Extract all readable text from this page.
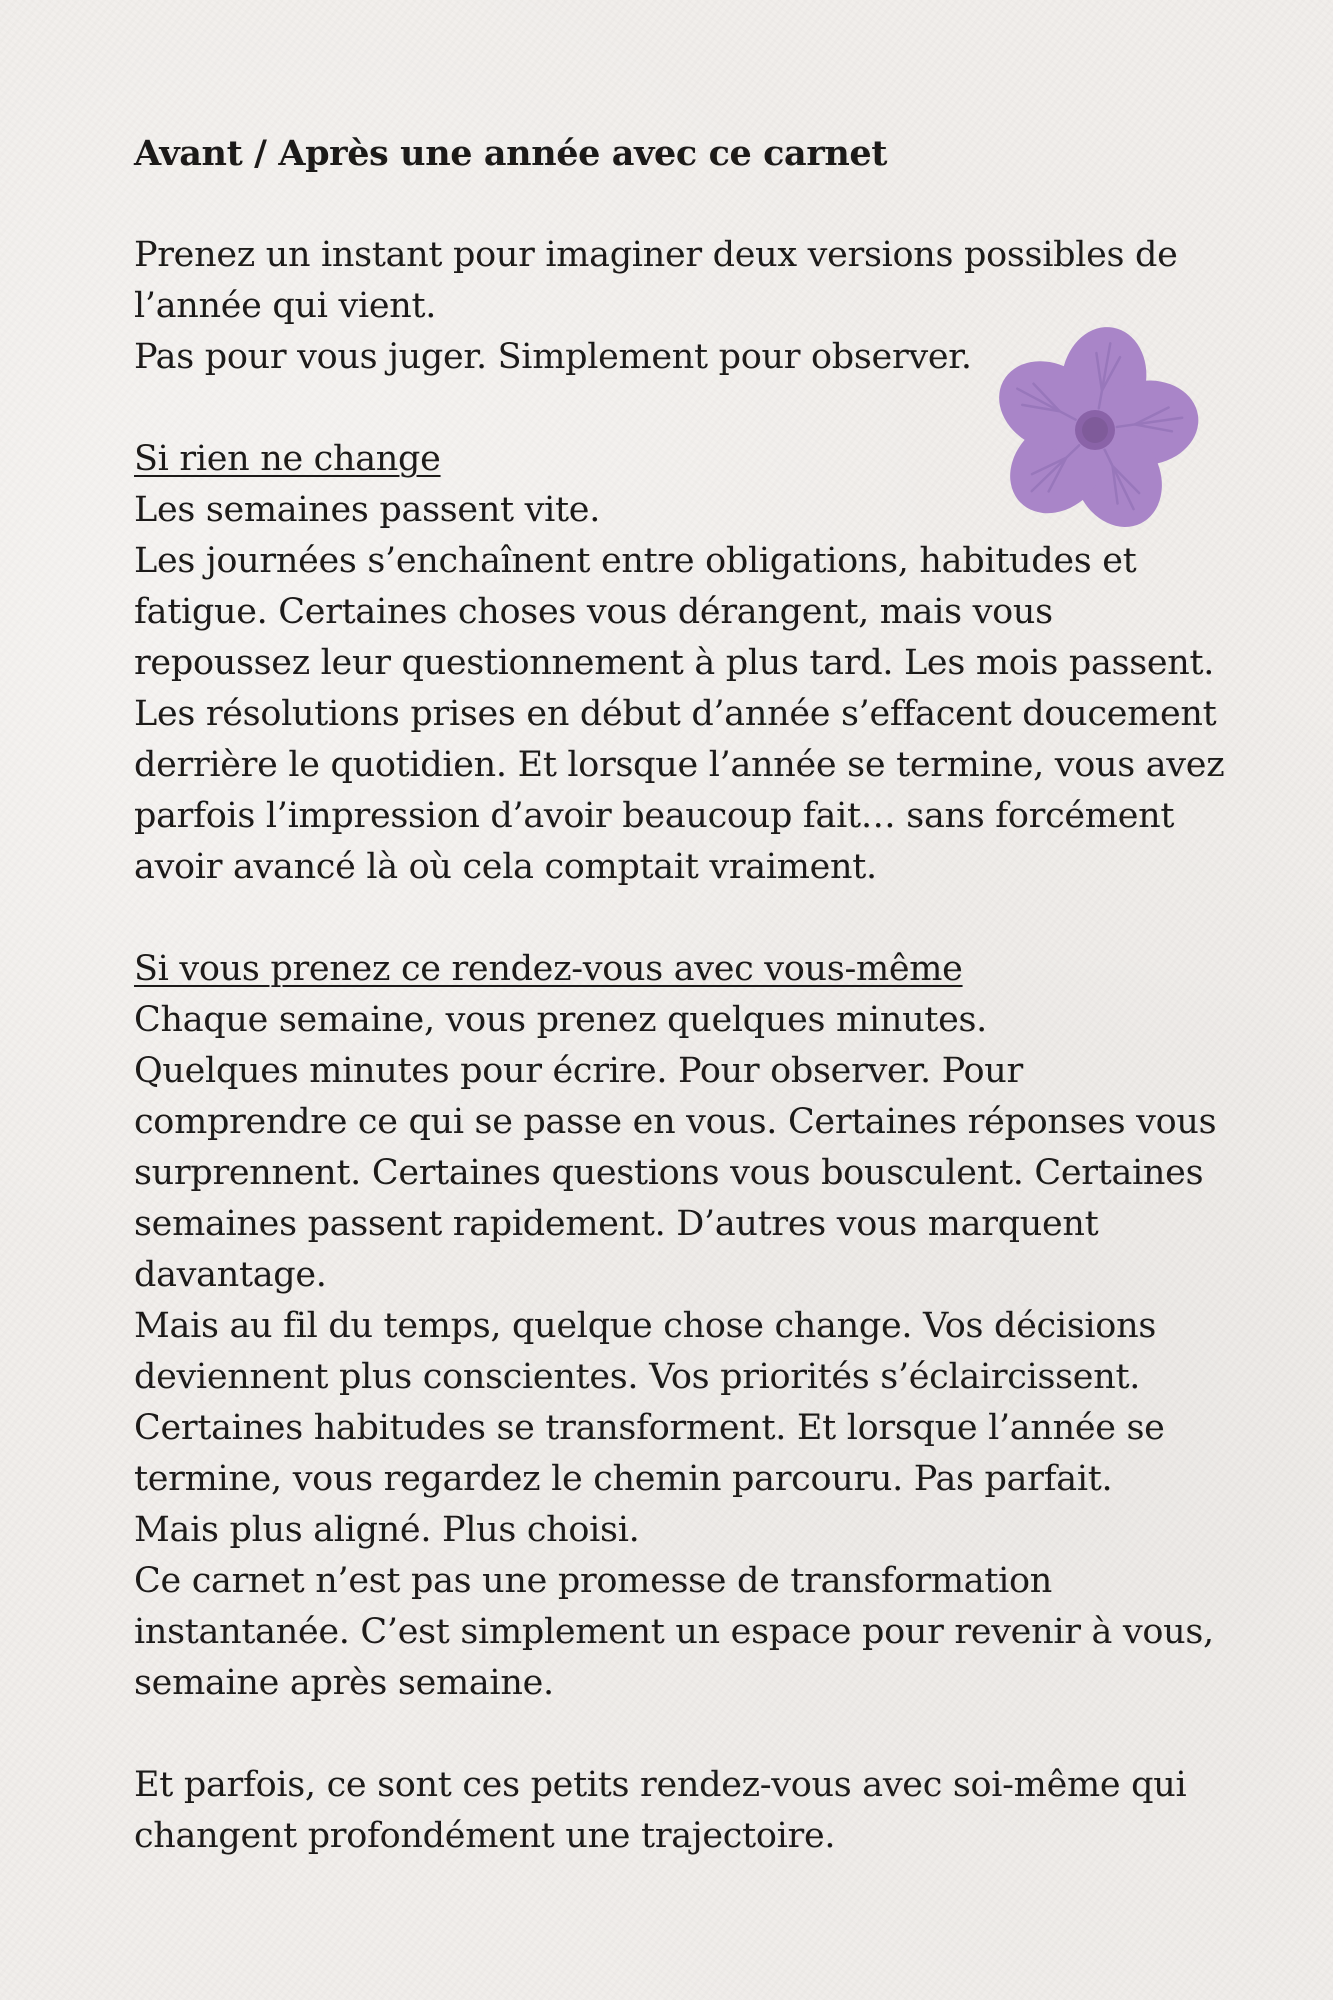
Avant / Après une année avec ce carnet
Prenez un instant pour imaginer deux versions possibles de
l’année qui vient.
Pas pour vous juger. Simplement pour observer.
Si rien ne change
Les semaines passent vite.
Les journées s’enchaînent entre obligations, habitudes et
fatigue. Certaines choses vous dérangent, mais vous
repoussez leur questionnement à plus tard. Les mois passent.
Les résolutions prises en début d’année s’effacent doucement
derrière le quotidien. Et lorsque l’année se termine, vous avez
parfois l’impression d’avoir beaucoup fait… sans forcément
avoir avancé là où cela comptait vraiment.
Si vous prenez ce rendez-vous avec vous-même
Chaque semaine, vous prenez quelques minutes.
Quelques minutes pour écrire. Pour observer. Pour
comprendre ce qui se passe en vous. Certaines réponses vous
surprennent. Certaines questions vous bousculent. Certaines
semaines passent rapidement. D’autres vous marquent
davantage.
Mais au fil du temps, quelque chose change. Vos décisions
deviennent plus conscientes. Vos priorités s’éclaircissent.
Certaines habitudes se transforment. Et lorsque l’année se
termine, vous regardez le chemin parcouru. Pas parfait.
Mais plus aligné. Plus choisi.
Ce carnet n’est pas une promesse de transformation
instantanée. C’est simplement un espace pour revenir à vous,
semaine après semaine.
Et parfois, ce sont ces petits rendez-vous avec soi-même qui
changent profondément une trajectoire.
